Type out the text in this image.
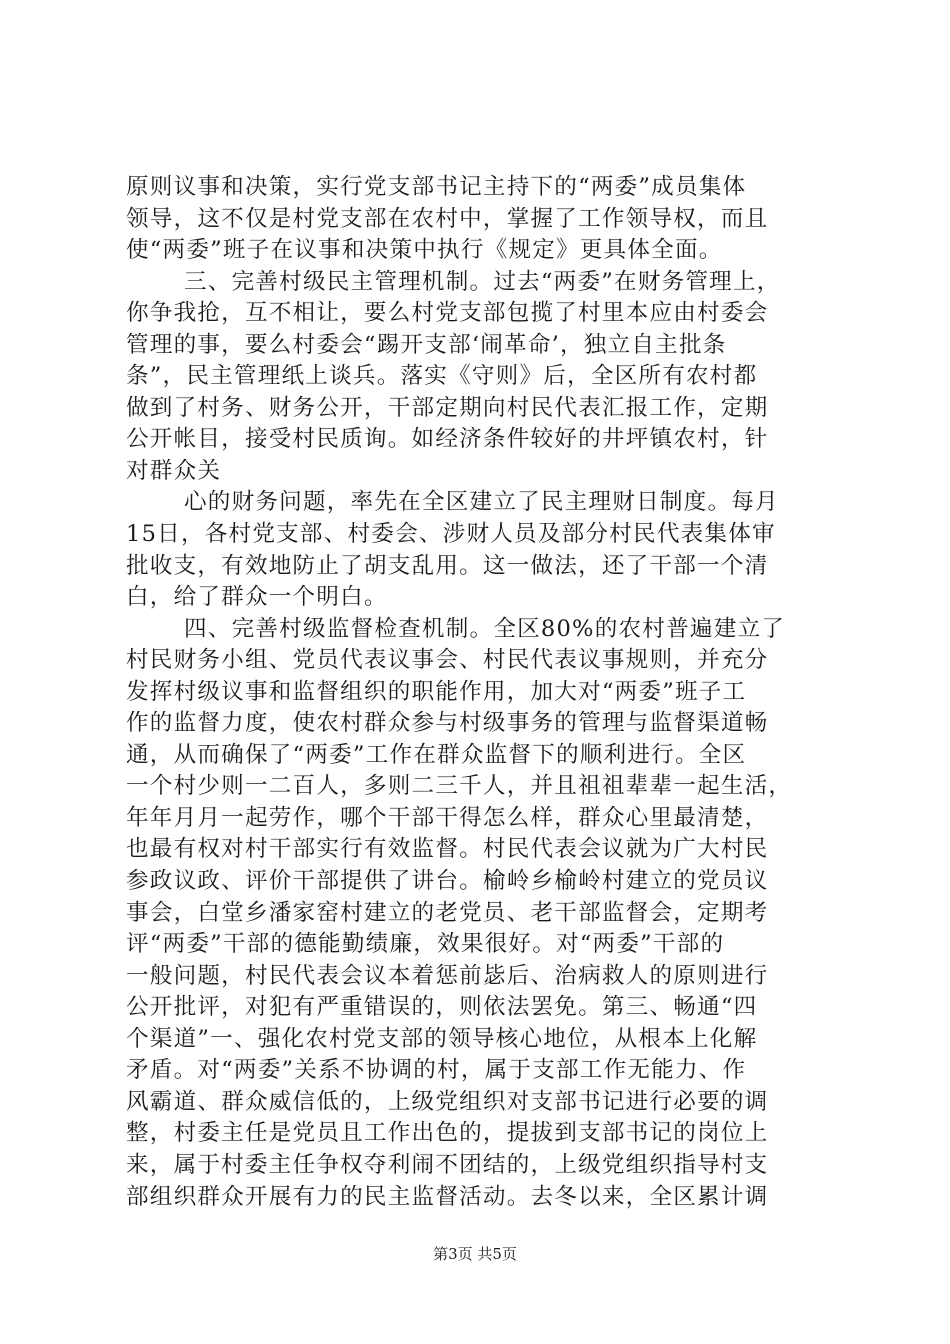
原则议事和决策，实行党支部书记主持下的“两委”成员集体
领导，这不仅是村党支部在农村中，掌握了工作领导权，而且
使“两委”班子在议事和决策中执行《规定》更具体全面。
三、完善村级民主管理机制。过去“两委”在财务管理上，
你争我抢，互不相让，要么村党支部包揽了村里本应由村委会
管理的事，要么村委会“踢开支部‘闹革命’，独立自主批条
条”，民主管理纸上谈兵。落实《守则》后，全区所有农村都
做到了村务、财务公开，干部定期向村民代表汇报工作，定期
公开帐目，接受村民质询。如经济条件较好的井坪镇农村，针
对群众关
心的财务问题，率先在全区建立了民主理财日制度。每月
15日，各村党支部、村委会、涉财人员及部分村民代表集体审
批收支，有效地防止了胡支乱用。这一做法，还了干部一个清
白，给了群众一个明白。
四、完善村级监督检查机制。全区80%的农村普遍建立了
村民财务小组、党员代表议事会、村民代表议事规则，并充分
发挥村级议事和监督组织的职能作用，加大对“两委”班子工
作的监督力度，使农村群众参与村级事务的管理与监督渠道畅
通，从而确保了“两委”工作在群众监督下的顺利进行。全区
一个村少则一二百人，多则二三千人，并且祖祖辈辈一起生活，
年年月月一起劳作，哪个干部干得怎么样，群众心里最清楚，
也最有权对村干部实行有效监督。村民代表会议就为广大村民
参政议政、评价干部提供了讲台。榆岭乡榆岭村建立的党员议
事会，白堂乡潘家窑村建立的老党员、老干部监督会，定期考
评“两委”干部的德能勤绩廉，效果很好。对“两委”干部的
一般问题，村民代表会议本着惩前毖后、治病救人的原则进行
公开批评，对犯有严重错误的，则依法罢免。第三、畅通“四
个渠道”一、强化农村党支部的领导核心地位，从根本上化解
矛盾。对“两委”关系不协调的村，属于支部工作无能力、作
风霸道、群众威信低的，上级党组织对支部书记进行必要的调
整，村委主任是党员且工作出色的，提拔到支部书记的岗位上
来，属于村委主任争权夺利闹不团结的，上级党组织指导村支
部组织群众开展有力的民主监督活动。去冬以来，全区累计调
第3页 共5页
